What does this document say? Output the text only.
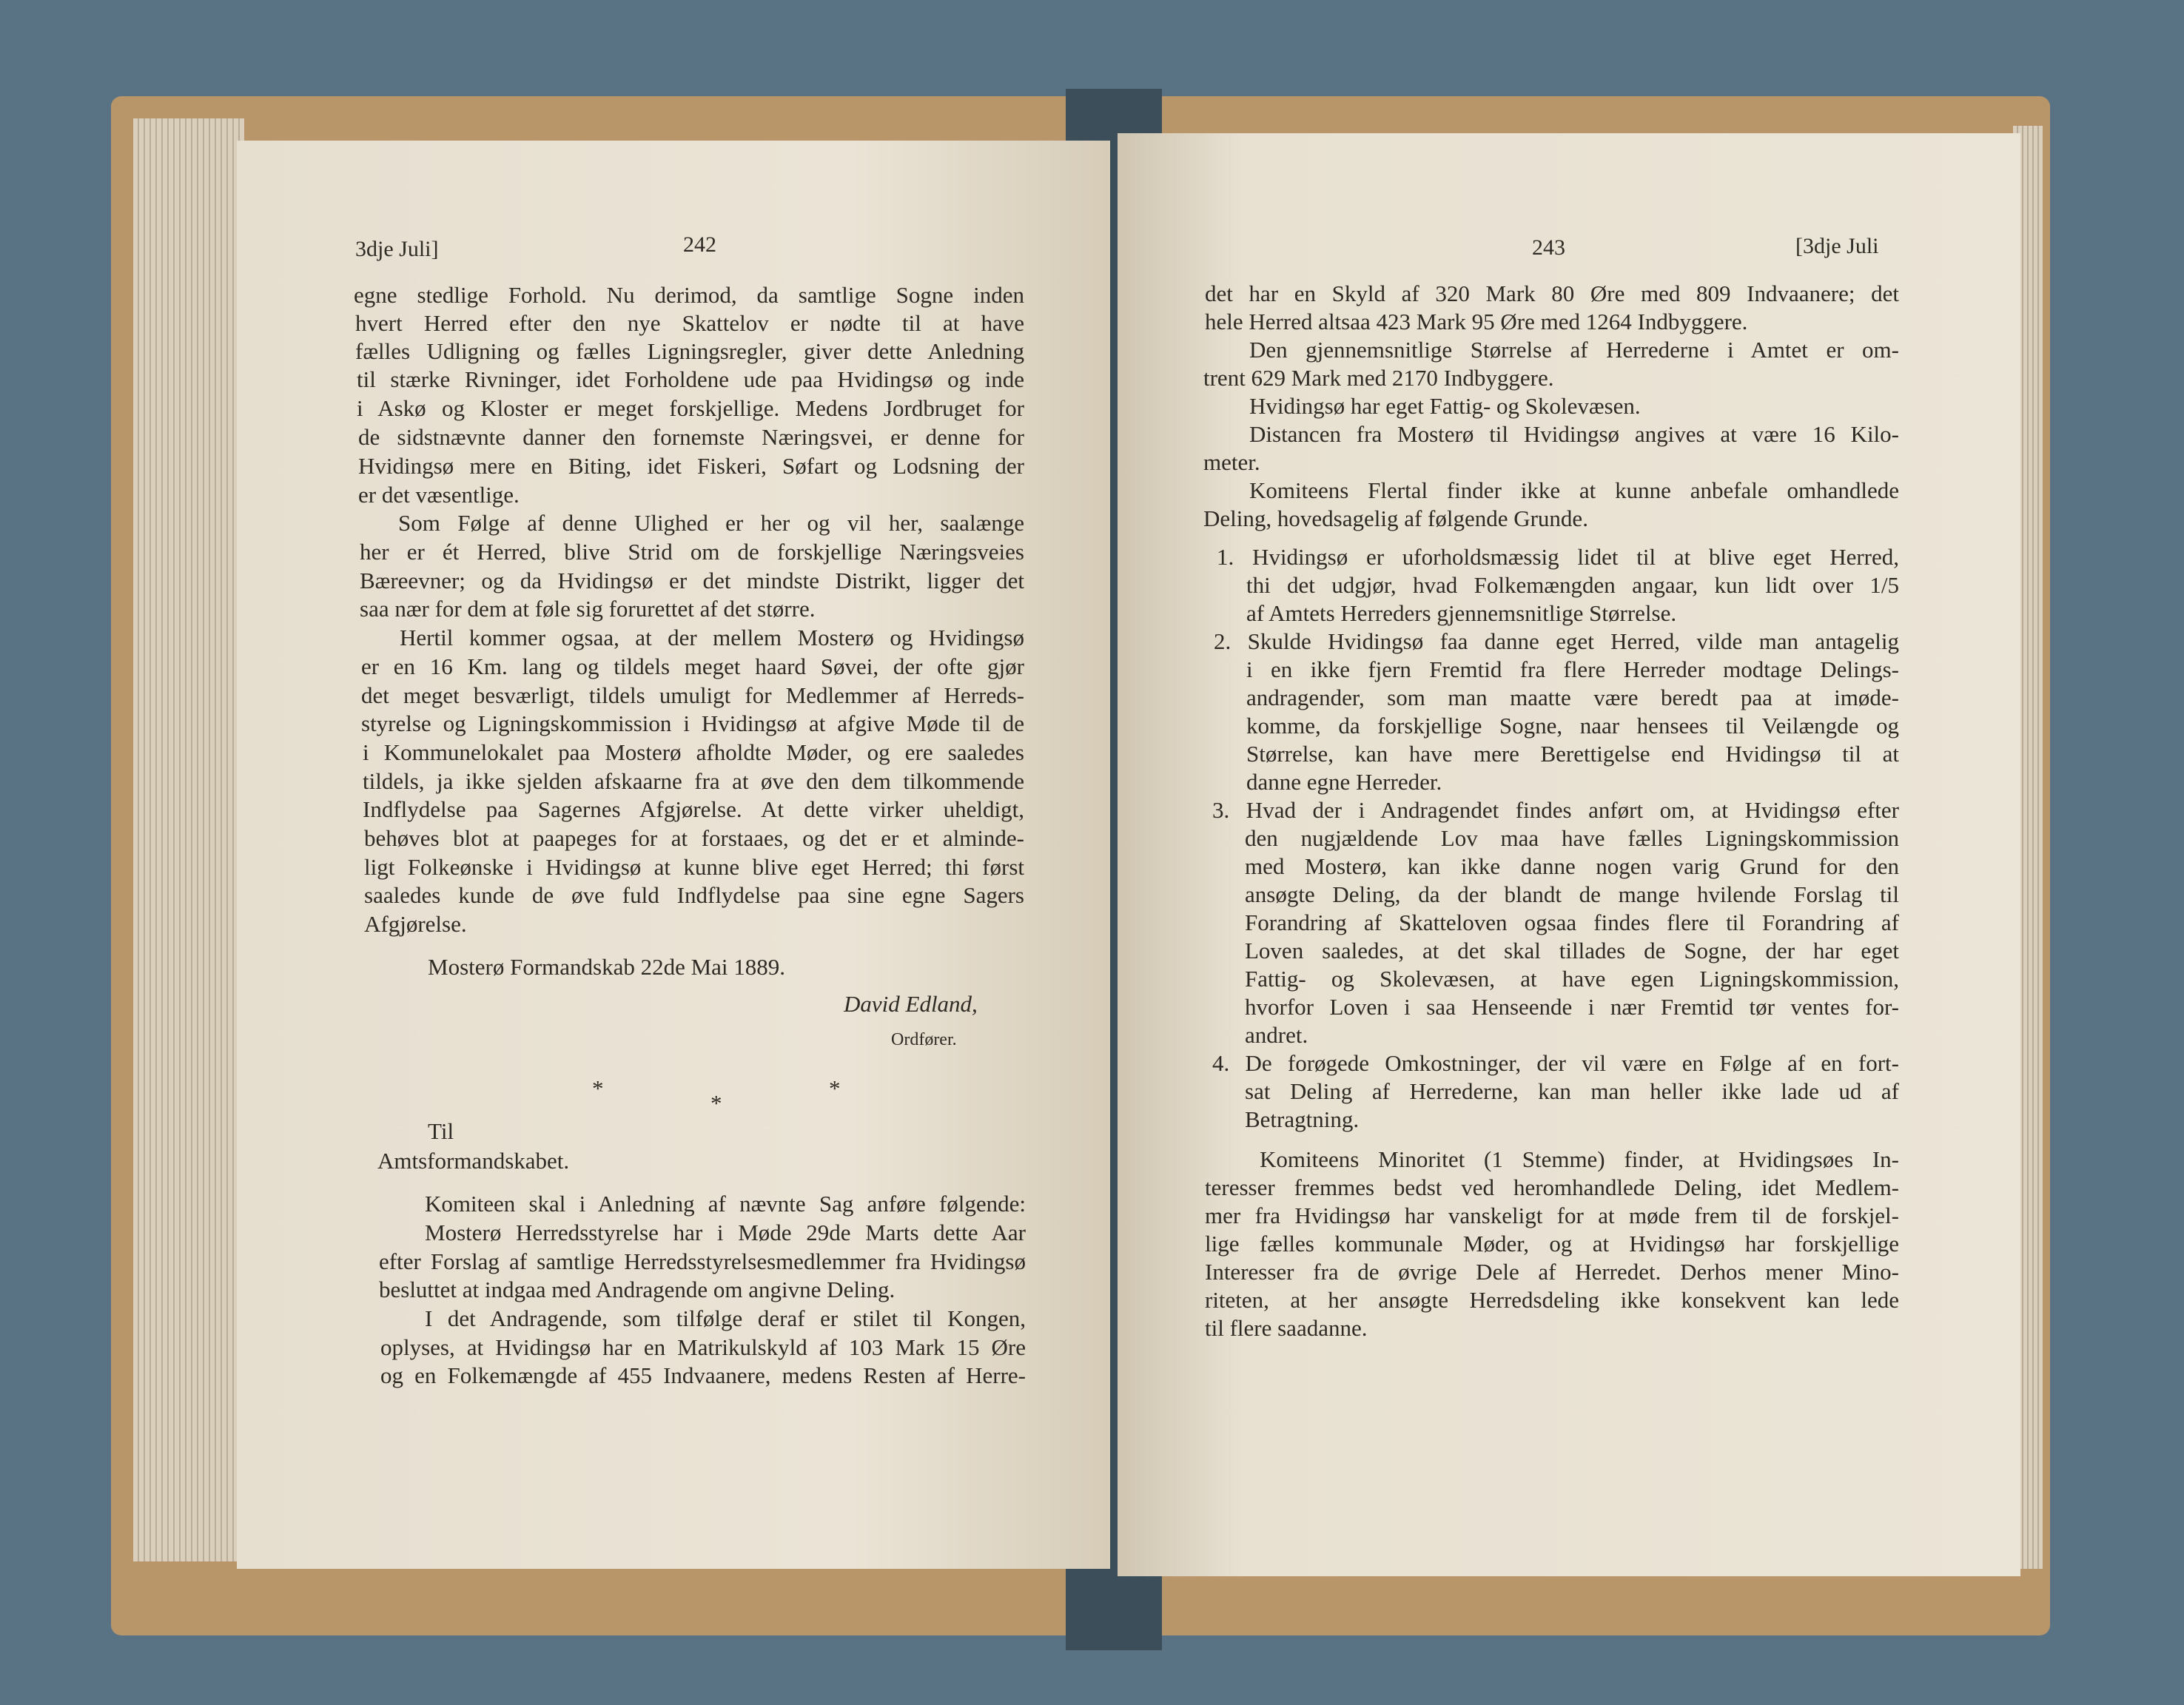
3dje Juli]	242
egne stedlige Forhold. Nu derimod, da samtlige Sogne inden
hvert Herred efter den nye Skattelov er nødte til at have
fælles Udligning og fælles Ligningsregler, giver dette Anledning
til stærke Rivninger, idet Forholdene ude paa Hvidingsø og inde
i Askø og Kloster er meget forskjellige. Medens Jordbruget for
de sidstnævnte danner den fornemste Næringsvei, er denne for
Hvidingsø mere en Biting, idet Fiskeri, Søfart og Lodsning der
er det væsentlige.
Som Følge af denne Ulighed er her og vil her, saalænge
her er ét Herred, blive Strid om de forskjellige Næringsveies
Bæreevner; og da Hvidingsø er det mindste Distrikt, ligger det
saa nær for dem at føle sig forurettet af det større.
Hertil kommer ogsaa, at der mellem Mosterø og Hvidingsø
er en 16 Km. lang og tildels meget haard Søvei, der ofte gjør
det meget besværligt, tildels umuligt for Medlemmer af Herreds-
styrelse og Ligningskommission i Hvidingsø at afgive Møde til de
i Kommunelokalet paa Mosterø afholdte Møder, og ere saaledes
tildels, ja ikke sjelden afskaarne fra at øve den dem tilkommende
Indflydelse paa Sagernes Afgjørelse. At dette virker uheldigt,
behøves blot at paapeges for at forstaaes, og det er et alminde-
ligt Folkeønske i Hvidingsø at kunne blive eget Herred; thi først
saaledes kunde de øve fuld Indflydelse paa sine egne Sagers
Afgjørelse.
Mosterø Formandskab 22de Mai 1889.
David Edland,
Ordfører.
*
*
*
Til
Amtsformandskabet.
Komiteen skal i Anledning af nævnte Sag anføre følgende:
Mosterø Herredsstyrelse har i Møde 29de Marts dette Aar
efter Forslag af samtlige Herredsstyrelsesmedlemmer fra Hvidingsø
besluttet at indgaa med Andragende om angivne Deling.
I det Andragende, som tilfølge deraf er stilet til Kongen,
oplyses, at Hvidingsø har en Matrikulskyld af 103 Mark 15 Øre
og en Folkemængde af 455 Indvaanere, medens Resten af Herre-
243	[3dje Juli
det har en Skyld af 320 Mark 80 Øre med 809 Indvaanere; det
hele Herred altsaa 423 Mark 95 Øre med 1264 Indbyggere.
Den gjennemsnitlige Størrelse af Herrederne i Amtet er om-
trent 629 Mark med 2170 Indbyggere.
Hvidingsø har eget Fattig- og Skolevæsen.
Distancen fra Mosterø til Hvidingsø angives at være 16 Kilo-
meter.
Komiteens Flertal finder ikke at kunne anbefale omhandlede
Deling, hovedsagelig af følgende Grunde.
1. Hvidingsø er uforholdsmæssig lidet til at blive eget Herred,
thi det udgjør, hvad Folkemængden angaar, kun lidt over 1/5
af Amtets Herreders gjennemsnitlige Størrelse.
2. Skulde Hvidingsø faa danne eget Herred, vilde man antagelig
i en ikke fjern Fremtid fra flere Herreder modtage Delings-
andragender, som man maatte være beredt paa at imøde-
komme, da forskjellige Sogne, naar hensees til Veilængde og
Størrelse, kan have mere Berettigelse end Hvidingsø til at
danne egne Herreder.
3. Hvad der i Andragendet findes anført om, at Hvidingsø efter
den nugjældende Lov maa have fælles Ligningskommission
med Mosterø, kan ikke danne nogen varig Grund for den
ansøgte Deling, da der blandt de mange hvilende Forslag til
Forandring af Skatteloven ogsaa findes flere til Forandring af
Loven saaledes, at det skal tillades de Sogne, der har eget
Fattig- og Skolevæsen, at have egen Ligningskommission,
hvorfor Loven i saa Henseende i nær Fremtid tør ventes for-
andret.
4. De forøgede Omkostninger, der vil være en Følge af en fort-
sat Deling af Herrederne, kan man heller ikke lade ud af
Betragtning.
Komiteens Minoritet (1 Stemme) finder, at Hvidingsøes In-
teresser fremmes bedst ved heromhandlede Deling, idet Medlem-
mer fra Hvidingsø har vanskeligt for at møde frem til de forskjel-
lige fælles kommunale Møder, og at Hvidingsø har forskjellige
Interesser fra de øvrige Dele af Herredet. Derhos mener Mino-
riteten, at her ansøgte Herredsdeling ikke konsekvent kan lede
til flere saadanne.
